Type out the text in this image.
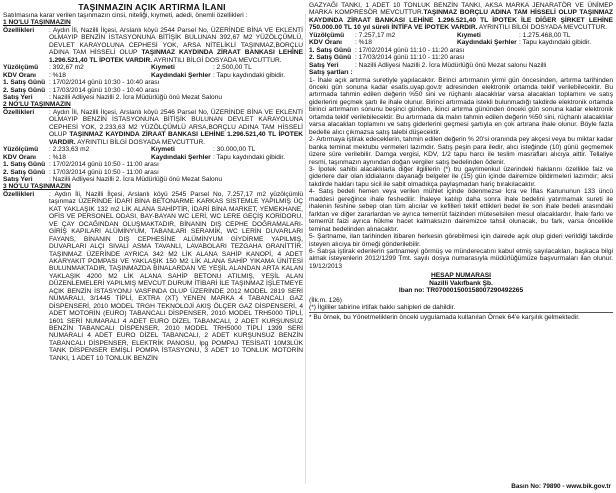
TAŞINMAZIN AÇIK ARTIRMA İLANI
Satılmasına karar verilen taşınmazın cinsi, niteliği, kıymeti, adedi, önemli özellikleri :
1 NO'LU TAŞINMAZIN
Özellikleri	: Aydın İli, Nazilli İlçesi, Arslanlı köyü 2544 Parsel No, ÜZERİNDE BİNA VE EKLENTİ OLMAYIP BENZİN İSTASYONUNA BİTİŞİK BULUNAN 392,67 M2 YÜZÖLÇÜMLÜ, DEVLET KARAYOLUNA CEPHESİ YOK, ARSA NİTELİKLİ TAŞINMAZ,BORÇLU ADINA TAM HİSSELİ OLUP TAŞINMAZ KAYDINDA ZİRAAT BANKASI LEHİNE 1.296.521,40 TL İPOTEK VARDIR. AYRINTILI BİLGİ DOSYADA MEVCUTTUR.
Yüzölçümü	: 392,67 m2	Kıymeti	: 2.500,00 TL
KDV Oranı	: %18	Kaydındaki Şerhler : Tapu kaydındaki gibidir.
1. Satış Günü : 17/02/2014 günü 10:30 - 10:40 arası
2. Satış Günü : 17/03/2014 günü 10:30 - 10:40 arası
Satış Yeri	: Nazilli Adliyesi Nazilli 2. İcra Müdürlüğü önü Mezat Salonu
2 NO'LU TAŞINMAZIN
Özellikleri	: Aydın İli, Nazilli İlçesi, Arslanlı köyü 2546 Parsel No, ÜZERİNDE BİNA VE EKLENTİ OLMAYIP BENZİN İSTASYONUNA BİTİŞİK BULUNAN DEVLET KARAYOLUNA CEPHESİ YOK, 2.233,63 M2 YÜZÖLÇÜMLÜ ARSA,BORÇLU ADINA TAM HİSSELİ OLUP TAŞINMAZ KAYDINDA ZİRAAT BANKASI LEHİNE 1.296.521,40 TL İPOTEK VARDIR. AYRINTILI BİLGİ DOSYADA MEVCUTTUR.
Yüzölçümü	: 2.233,63 m2	Kıymeti	: 30.000,00 TL
KDV Oranı	: %18	Kaydındaki Şerhler : Tapu kaydındaki gibidir.
1. Satış Günü : 17/02/2014 günü 10:50 - 11:00 arası
2. Satış Günü : 17/03/2014 günü 10:50 - 11:00 arası
Satış Yeri	: Nazilli Adliyesi Nazilli 2. İcra Müdürlüğü önü Mezat Salonu
3 NO'LU TAŞINMAZIN
Özellikleri	: Aydın İli, Nazilli İlçesi, Arslanlı köyü 2545 Parsel No, 7.257,17 m2 yüzölçümlü taşınmaz ÜZERİNDE İDARİ BİNA BETONARME KARKAS SİSTEMLE YAPILMIŞ ÜÇ KAT YAKLAŞIK 132 m2 LİK ALANA SAHİPTİR, İDARİ BİNA MARKET, YEMEKHANE, OFİS VE PERSONEL ODASI, BAY-BAYAN WC LERİ, WC LERE GEÇİŞ KORİDORU, VE ÇAY OCAĞINDAN OLUŞMAKTADIR, BİNANIN DIŞ CEPHE DOĞRAMALARI-GİRİŞ KAPILARI ALÜMİNYUM, TABANLARI SERAMİK, WC LERİN DUVARLARI FAYANS, BİNANIN DIŞ CEPHESİNE ALÜMİNYUM GİYDİRME YAPILMIŞ, DUVARLARI ALÇI SIVALI ASMA TAVANLI, LAVABOLARI TEZGAHA GRANİTTİR. TAŞINMAZ ÜZERİNDE AYRICA 342 M2 LİK ALANA SAHİP KANOPİ, 4 ADET AKARYAKIT POMPASI VE YAKLAŞIK 150 M2 LİK ALANA SAHİP YIKAMA ÜNİTESİ BULUNMAKTADIR, TAŞINMAZDA BİNALARDAN VE YEŞİL ALANDAN ARTA KALAN YAKLAŞIK 4200 M2 LİK ALANA SAHİP BETONU ATILMIŞ, YEŞİL ALAN DÜZENLEMELERİ YAPILMIŞ MEVCUT DURUM İTİBARİ İLE TAŞINMAZ İŞLETMEYE AÇIK BENZİN İSTASYONU VASFINDA OLUP ÜZERİNDE 2012 MODEL 2819 SERİ NUMARALI, 3/1445 TİPLİ, EXTRA (XT) YENEN MARKA 4 TABANCALI GAZ DİSPENSERİ, 2010 MODEL TRGH TEKNOLOJİ AKIŞ ÖLÇER GAZ DİSPENSERİ, 4 ADET MOTORİN (EURO) TABANCALI DİSPENSER, 2010 MODEL TRH5000 TİPLİ, 1601 SERİ NUMARALI 4 ADET EURO DİZEL TABANCALI, 2 ADET KURŞUNSUZ BENZİN TABANCALI DİSPENSER, 2010 MODEL TRH5000 TİPLİ 1399 SERİ NUMARALI 4 ADET EURO DİZEL TABANCALI, 2 ADET KURŞUNSUZ BENZİN TABANCALI DİSPENSER, ELEKTRİK PANOSU, lpg POMPAJ TESİSATI 10M3LÜK TANK DİSPENSER EMİŞLİ POMPA İSTASYONU, 3 ADET 10 TONLUK MOTORİN TANKI, 1 ADET 10 TONLUK BENZİN
GAZYAĞI TANKI, 1 ADET 10 TONLUK BENZİN TANKI, AKSA MARKA JENARATÖR VE ÜNİMEP MARKA KOMPRESÖR MEVCUTTUR.TAŞINMAZ BORÇLU ADINA TAM HİSSELİ OLUP TAŞINMAZ KAYDINDA ZİRAAT BANKASI LEHİNE 1.296.521,40 TL İPOTEK İLE DİĞER ŞİRKET LEHİNE 750.000.00 TL 10 yıl süreli İNTİFA VE İPOTEK VARDIR. AYRINTILI BİLGİ DOSYADA MEVCUTTUR.
Yüzölçümü	: 7.257,17 m2	Kıymeti	: 1.275.468,00 TL
KDV Oranı	: %18	Kaydındaki Şerhler : Tapu kaydındaki gibidir.
1. Satış Günü : 17/02/2014 günü 11:10 - 11:20 arası
2. Satış Günü : 17/03/2014 günü 11:10 - 11:20 arası
Satış Yeri	: Nazilli Adliyesi Nazilli 2. İcra Müdürlüğü önü Mezat salonu Nazilli
Satış şartları :
1- İhale açık artırma suretiyle yapılacaktır. Birinci artırmanın yirmi gün öncesinden, artırma tarihinden önceki gün sonuna kadar esatis.uyap.gov.tr adresinden elektronik ortamda teklif verilebilecektir. Bu artırmada tahmin edilen değerin %50 sini ve rüçhanlı alacaklılar varsa alacakları toplamını ve satış giderlerini geçmek şartı ile ihale olunur. Birinci artırmada istekli bulunmadığı takdirde elektronik ortamda birinci artırmanın sonunu beşinci günden, ikinci artırma gününden önceki gün sonuna kadar elektronik ortamda teklif verilebilecektir. Bu artırmada da malın tahmin edilen değerin %50 sini, rüçhanlı alacaklılar varsa alacakları toplamını ve satış giderlerini geçmesi şartıyla en çok artırana ihale olunur. Böyle fazla bedelle alıcı çıkmazsa satış talebi düşecektir.
2- Artırmaya iştirak edeceklerin, tahmin edilen değerin % 20'si oranında pey akçesi veya bu miktar kadar banka teminat mektubu vermeleri lazımdır. Satış peşin para iledir, alıcı isteğinde (10) günü geçmemek üzere süre verilebilir. Damga vergisi, KDV, 1/2 tapu harcı ile teslim masrafları alıcıya aittir. Tellaliye resmi, taşınmazın aynından doğan vergiler satış bedelinden ödenir.
3- İpotek sahibi alacaklılarla diğer ilgililerin (*) bu gayrimenkul üzerindeki haklarını özellikle faiz ve giderlere dair olan iddialarını dayanağı belgeler ile (15) gün içinde dairemize bildirmeleri lazımdır; aksi takdirde hakları tapu sicil ile sabit olmadıkça paylaşmadan hariç bırakılacaktır.
4- Satış bedeli hemen veya verilen mühlet içinde ödenmezse İcra ve İflas Kanununun 133 üncü maddesi gereğince ihale feshedilir. İhaleye katılıp daha sonra ihale bedelini yatırmamak sureti ile ihalenin feshine sebep olan tüm alıcılar ve kefilleri teklif ettikleri bedel ile son ihale bedeli arasındaki farktan ve diğer zararlardan ve ayrıca temerrüt faizinden müteselsilen mesul olacaklardır. İhale farkı ve temerrüt faizi ayrıca hükme hacet kalmaksızın dairemizce tahsil olunacak, bu fark, varsa öncelikle teminat bedelinden alınacaktır.
5- Şartname, ilan tarihinden itibaren herkesin görebilmesi için dairede açık olup gideri verildiği takdirde isteyen alıcıya bir örneği gönderilebilir.
6- Satışa iştirak edenlerin şartnameyi görmüş ve münderecatını kabul etmiş sayılacakları, başkaca bilgi almak isteyenlerin 2012/1299 Tmt. sayılı dosya numarasıyla müdürlüğümüze başvurmaları ilan olunur. 19/12/2013
HESAP NUMARASI
Nazilli Vakıfbank Şb.
Iban no: TR070001500158007290492265
(İlk.m. 126)
(*) İlgililer tabirine irtifak hakkı sahipleri de dahildir.
* Bu örnek, bu Yönetmeliklerin önceki uygulamada kullanılan Örnek 64'e karşılık gelmektedir.
Basın No: 79890 - www.bik.gov.tr
